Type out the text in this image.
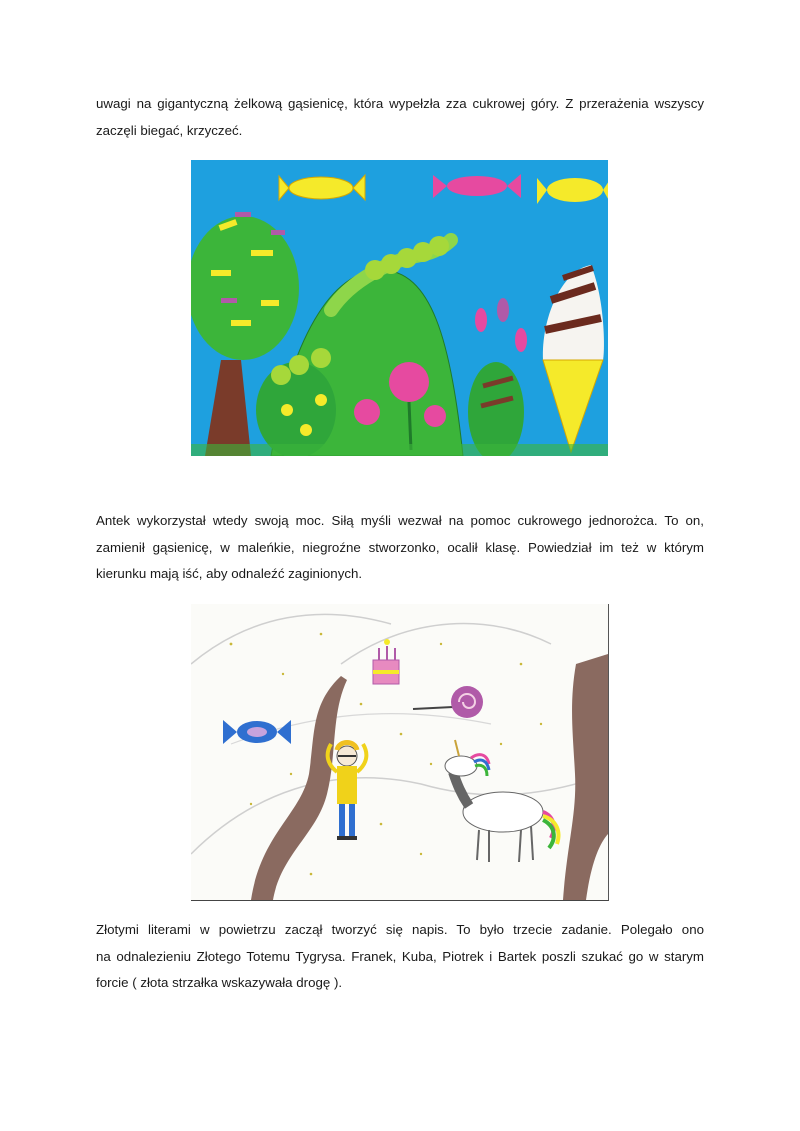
uwagi na gigantyczną żelkową gąsienicę, która wypełzła zza cukrowej góry. Z przerażenia wszyscy
zaczęli biegać, krzyczeć.
Antek wykorzystał wtedy swoją moc. Siłą myśli wezwał na pomoc cukrowego jednorożca. To on,
zamienił gąsienicę, w maleńkie, niegroźne stworzonko, ocalił klasę. Powiedział im też w którym
kierunku mają iść, aby odnaleźć zaginionych.
Złotymi literami w powietrzu zaczął tworzyć się napis. To było trzecie zadanie. Polegało ono
na odnalezieniu Złotego Totemu Tygrysa. Franek, Kuba, Piotrek i Bartek poszli szukać go w starym
forcie ( złota strzałka wskazywała drogę ).
